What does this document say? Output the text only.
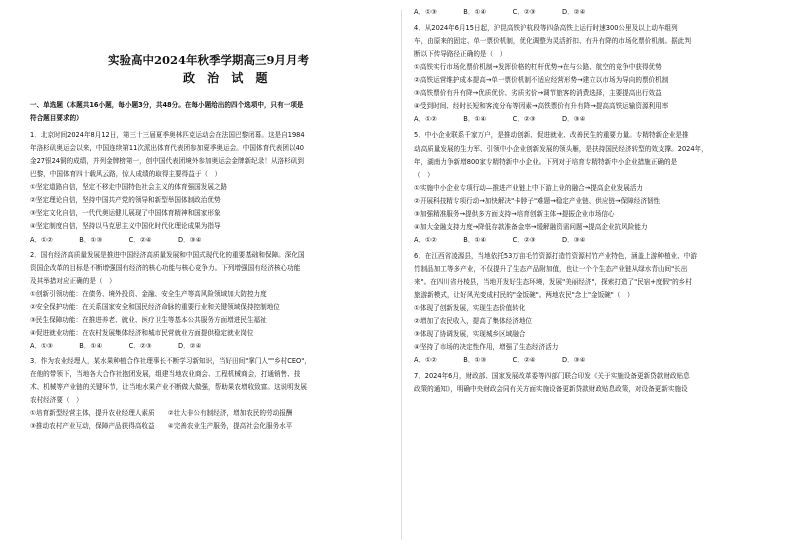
实验高中2024年秋季学期高三9月月考
政 治 试 题
一、单选题（本题共16小题，每小题3分，共48分。在每小题给出的四个选项中，只有一项是
符合题目要求的）
1．北京时间2024年8月12日，第三十三届夏季奥林匹克运动会在法国巴黎闭幕。这是自1984
年洛杉矶奥运会以来，中国连续第11次派出体育代表团参加夏季奥运会。中国体育代表团以40
金27银24铜的成绩，并列金牌榜第一，创中国代表团境外参加奥运会金牌新纪录！从洛杉矶到
巴黎，中国体育四十载风云路，惊人成绩的取得主要得益于（　）
①坚定道路自信，坚定不移走中国特色社会主义的体育强国发展之路
②坚定理论自信，坚持中国共产党的领导和新型举国体制政治优势
③坚定文化自信，一代代奥运健儿展现了中国体育精神和国家形象
④坚定制度自信，坚持以马克思主义中国化时代化理论成果为指导
A．①②　　　　B．①③　　　　C．②④　　　　D．③④
2．国有经济高质量发展是推进中国经济高质量发展和中国式现代化的重要基础和保障。深化国
资国企改革的目标是不断增强国有经济的核心功能与核心竞争力。下列增强国有经济核心功能
及其举措对应正确的是（　）
①创新引领功能：在债务、境外投资、金融、安全生产等高风险领域加大防控力度
②安全保护功能：在关系国家安全和国民经济命脉的重要行业和关键领域保持控制地位
③民生保障功能：在推进养老、就业、医疗卫生等基本公共服务方面增进民生福祉
④促进就业功能：在农村发展集体经济和城市民营就业方面提供稳定就业岗位
A．①③　　　　B．①④　　　　C．②③　　　　D．②④
3．作为农业经理人，某水果种植合作社理事长不断学习新知识，当好田间"掌门人""乡村CEO"，
在他的带领下，当地各大合作社抱团发展，组建当地农业商会、工程机械商会，打通销售、技
术、机械等产业链的关键环节，让当地水果产业不断做大做强，帮助果农增收致富。这说明发展
农村经济要（　）
①培育新型经营主体，提升农业经理人素质　　②壮大非公有制经济，增加农民的劳动报酬
③推动农村产业互动，保障产品获得高收益　　④完善农业生产服务，提高社会化服务水平
A．①③　　　　B．①④　　　　C．②③　　　　D．②④
4．从2024年6月15日起，沪昆高铁沪杭段等四条高铁上运行时速300公里及以上动车组列
车，由原来的固定、单一票价机制，优化调整为灵活折扣、有升有降的市场化票价机制。据此判
断以下传导路径正确的是（　）
①高铁实行市场化票价机制→发挥价格的杠杆优势→在与公路、航空的竞争中获得优势
②高铁运营维护成本提高→单一票价机制不适应经营形势→建立以市场为导向的票价机制
③高铁票价有升有降→优质优价、劣质劣价→调节旅客的消费选择，主要提高出行效益
④受到时间、经时长短和客流分布等因素→高铁票价有升有降→提高高铁运输资源利用率
A．①②　　　　B．①④　　　　C．②③　　　　D．③④
5．中小企业联系千家万户，是推动创新、促进就业、改善民生的重要力量。专精特新企业是推
动高质量发展的生力军、引领中小企业创新发展的领头雁，是扶持国民经济转型的效支撑。2024年，
年，湖南力争新增800家专精特新中小企业。下列对于培育专精特新中小企业措施正确的是
（　）
①实施中小企业专项行动—推进产业链上中下游上业的融合→提高企业发展活力
②开展科技精专项行动→加快解决"卡脖子"难题→稳定产业链、供应链→保障经济韧性
③加强精准服务→提供多方面支持→培育创新主体→提振企业市场信心
④加大金融支持力度→降低存款准备金率→缓解融资需问题→提高企业抗风险能力
A．①②　　　　B．①④　　　　C．②③　　　　D．③④
6．在江西省凌源县，当地依托53万亩毛竹资源打造竹资源村竹产业特色，涵盖上游种植业、中游
竹制品加工等多产业，不仅提升了生态产品附加值，也让一个个生态产业链从绿水青山间"长出
来"。在四川省丹棱县，当地开发好生态环境，发展"美丽经济"，探索打造了"民宿+度假"的乡村
旅游新模式，让好风光变成村民的"金饭碗"。两地农民"念上"金饭碗"（　）
①体现了创新发展，实现生态价值转化
②增加了农民收入，提高了集体经济地位
③体现了协调发展，实现城乡区域融合
④坚持了市场的决定性作用，增强了生态经济活力
A．①②　　　　B．①③　　　　C．②④　　　　D．③④
7．2024年6月，财政部、国家发展改革委等四部门联合印发《关于实施设备更新贷款财政贴息
政策的通知》，明确中央财政会同有关方面实施设备更新贷款财政贴息政策，对设备更新实施设
